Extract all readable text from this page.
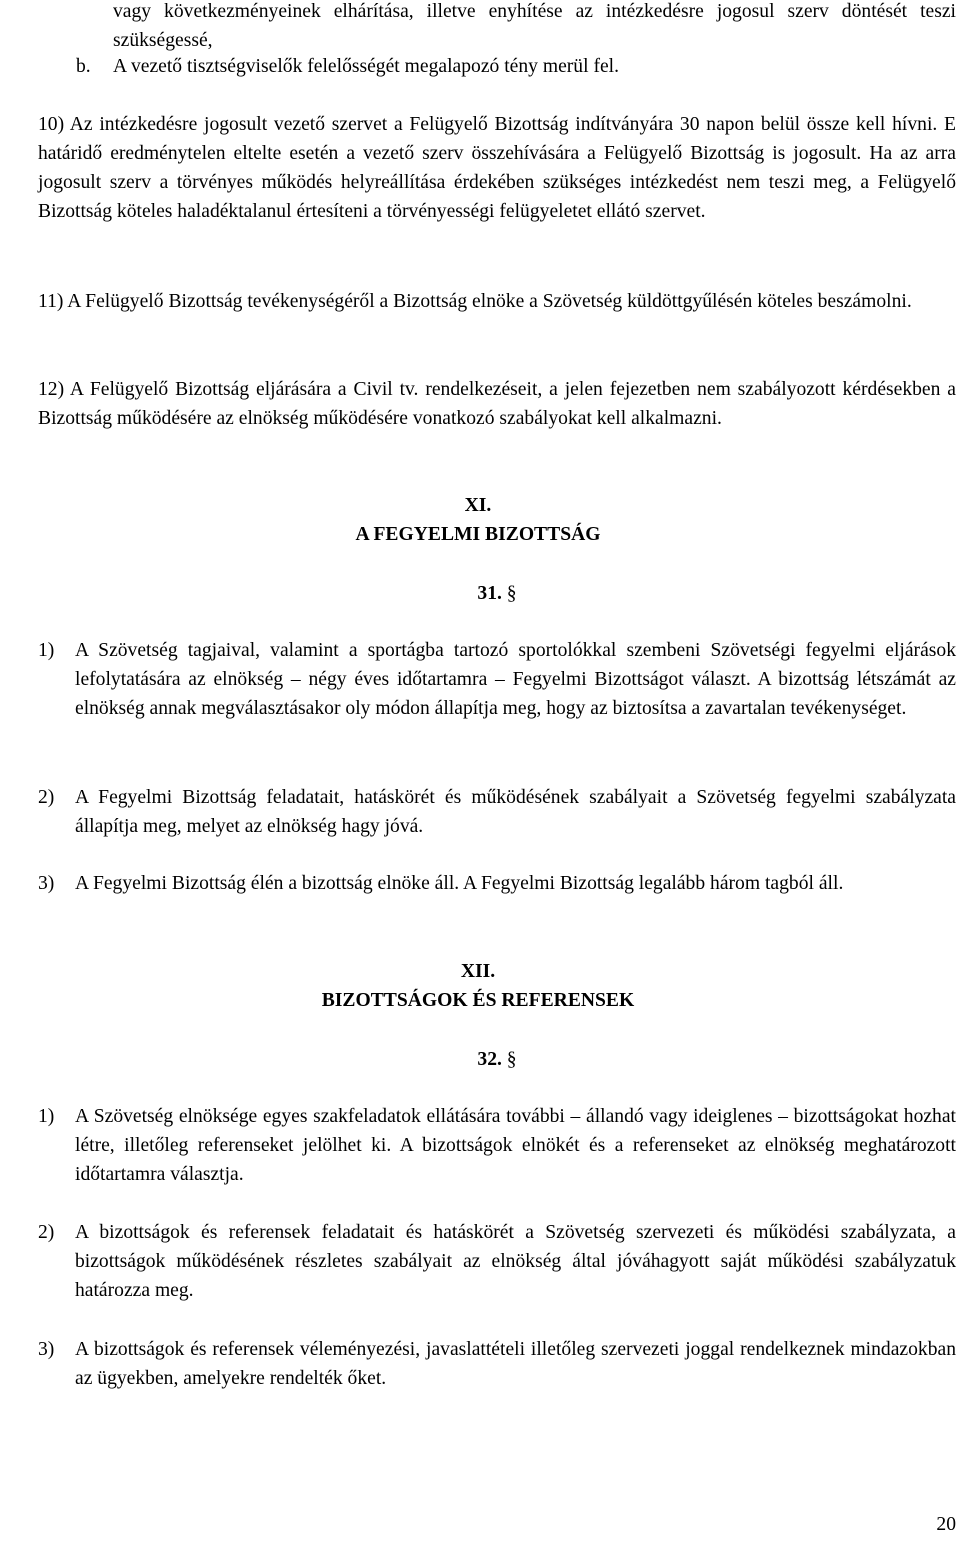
vagy következményeinek elhárítása, illetve enyhítése az intézkedésre jogosul szerv döntését teszi szükségessé,

b. A vezető tisztségviselők felelősségét megalapozó tény merül fel.

10) Az intézkedésre jogosult vezető szervet a Felügyelő Bizottság indítványára 30 napon belül össze kell hívni. E határidő eredménytelen eltelte esetén a vezető szerv összehívására a Felügyelő Bizottság is jogosult. Ha az arra jogosult szerv a törvényes működés helyreállítása érdekében szükséges intézkedést nem teszi meg, a Felügyelő Bizottság köteles haladéktalanul értesíteni a törvényességi felügyeletet ellátó szervet.

11) A Felügyelő Bizottság tevékenységéről a Bizottság elnöke a Szövetség küldöttgyűlésén köteles beszámolni.

12) A Felügyelő Bizottság eljárására a Civil tv. rendelkezéseit, a jelen fejezetben nem szabályozott kérdésekben a Bizottság működésére az elnökség működésére vonatkozó szabályokat kell alkalmazni.

XI.
A FEGYELMI BIZOTTSÁG
31. §
1) A Szövetség tagjaival, valamint a sportágba tartozó sportolókkal szembeni Szövetségi fegyelmi eljárások lefolytatására az elnökség – négy éves időtartamra – Fegyelmi Bizottságot választ. A bizottság létszámát az elnökség annak megválasztásakor oly módon állapítja meg, hogy az biztosítsa a zavartalan tevékenységet.

2) A Fegyelmi Bizottság feladatait, hatáskörét és működésének szabályait a Szövetség fegyelmi szabályzata állapítja meg, melyet az elnökség hagy jóvá.

3) A Fegyelmi Bizottság élén a bizottság elnöke áll. A Fegyelmi Bizottság legalább három tagból áll.

XII.
BIZOTTSÁGOK ÉS REFERENSEK
32. §
1) A Szövetség elnöksége egyes szakfeladatok ellátására további – állandó vagy ideiglenes – bizottságokat hozhat létre, illetőleg referenseket jelölhet ki. A bizottságok elnökét és a referenseket az elnökség meghatározott időtartamra választja.

2) A bizottságok és referensek feladatait és hatáskörét a Szövetség szervezeti és működési szabályzata, a bizottságok működésének részletes szabályait az elnökség által jóváhagyott saját működési szabályzatuk határozza meg.

3) A bizottságok és referensek véleményezési, javaslattételi illetőleg szervezeti joggal rendelkeznek mindazokban az ügyekben, amelyekre rendelték őket.

20
